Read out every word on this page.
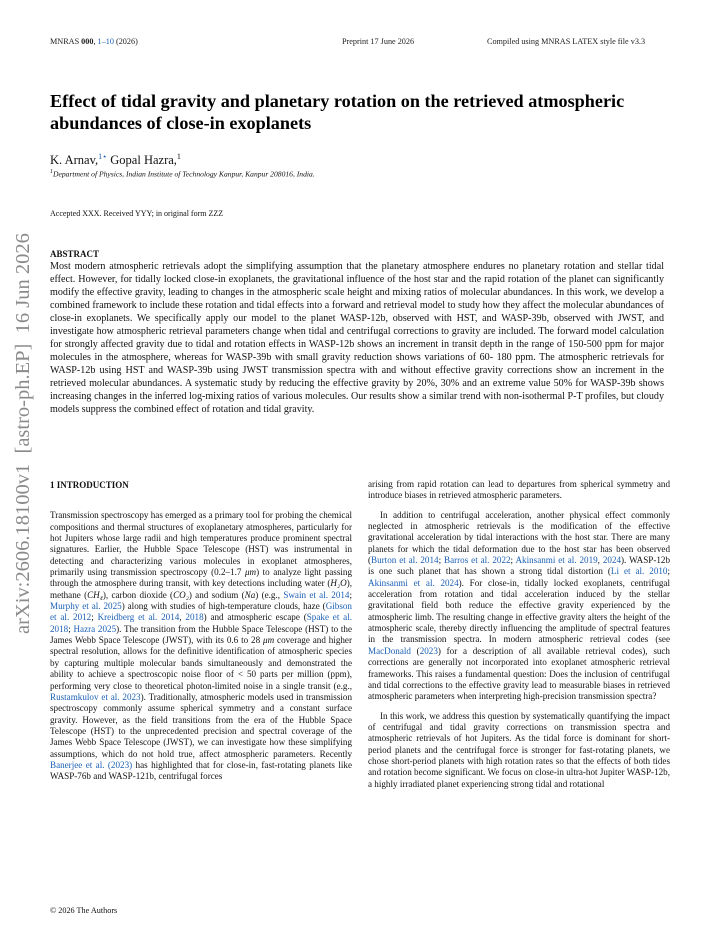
MNRAS 000, 1–10 (2026)	Preprint 17 June 2026	Compiled using MNRAS LATEX style file v3.3
arXiv:2606.18100v1  [astro-ph.EP]  16 Jun 2026
Effect of tidal gravity and planetary rotation on the retrieved atmospheric abundances of close-in exoplanets
K. Arnav,$^{1⋆}$ Gopal Hazra,$^1$
$^1$Department of Physics, Indian Institute of Technology Kanpur, Kanpur 208016, India.
Accepted XXX. Received YYY; in original form ZZZ
ABSTRACT
Most modern atmospheric retrievals adopt the simplifying assumption that the planetary atmosphere endures no planetary rotation and stellar tidal effect. However, for tidally locked close-in exoplanets, the gravitational influence of the host star and the rapid rotation of the planet can significantly modify the effective gravity, leading to changes in the atmospheric scale height and mixing ratios of molecular abundances. In this work, we develop a combined framework to include these rotation and tidal effects into a forward and retrieval model to study how they affect the molecular abundances of close-in exoplanets. We specifically apply our model to the planet WASP-12b, observed with HST, and WASP-39b, observed with JWST, and investigate how atmospheric retrieval parameters change when tidal and centrifugal corrections to gravity are included. The forward model calculation for strongly affected gravity due to tidal and rotation effects in WASP-12b shows an increment in transit depth in the range of 150-500 ppm for major molecules in the atmosphere, whereas for WASP-39b with small gravity reduction shows variations of 60- 180 ppm. The atmospheric retrievals for WASP-12b using HST and WASP-39b using JWST transmission spectra with and without effective gravity corrections show an increment in the retrieved molecular abundances. A systematic study by reducing the effective gravity by 20%, 30% and an extreme value 50% for WASP-39b shows increasing changes in the inferred log-mixing ratios of various molecules. Our results show a similar trend with non-isothermal P-T profiles, but cloudy models suppress the combined effect of rotation and tidal gravity.
1 INTRODUCTION

Transmission spectroscopy has emerged as a primary tool for probing the chemical compositions and thermal structures of exoplanetary atmospheres, particularly for hot Jupiters whose large radii and high temperatures produce prominent spectral signatures. Earlier, the Hubble Space Telescope (HST) was instrumental in detecting and characterizing various molecules in exoplanet atmospheres, primarily using transmission spectroscopy (0.2–1.7 μm) to analyze light passing through the atmosphere during transit, with key detections including water (H₂O), methane (CH₄), carbon dioxide (CO₂) and sodium (Na) (e.g., Swain et al. 2014; Murphy et al. 2025) along with studies of high-temperature clouds, haze (Gibson et al. 2012; Kreidberg et al. 2014, 2018) and atmospheric escape (Spake et al. 2018; Hazra 2025). The transition from the Hubble Space Telescope (HST) to the James Webb Space Telescope (JWST), with its 0.6 to 28 μm coverage and higher spectral resolution, allows for the definitive identification of atmospheric species by capturing multiple molecular bands simultaneously and demonstrated the ability to achieve a spectroscopic noise floor of < 50 parts per million (ppm), performing very close to theoretical photon-limited noise in a single transit (e.g., Rustamkulov et al. 2023). Traditionally, atmospheric models used in transmission spectroscopy commonly assume spherical symmetry and a constant surface gravity. However, as the field transitions from the era of the Hubble Space Telescope (HST) to the unprecedented precision and spectral coverage of the James Webb Space Telescope (JWST), we can investigate how these simplifying assumptions, which do not hold true, affect atmospheric parameters. Recently Banerjee et al. (2023) has highlighted that for close-in, fast-rotating planets like WASP-76b and WASP-121b, centrifugal forces

arising from rapid rotation can lead to departures from spherical symmetry and introduce biases in retrieved atmospheric parameters.

In addition to centrifugal acceleration, another physical effect commonly neglected in atmospheric retrievals is the modification of the effective gravitational acceleration by tidal interactions with the host star. There are many planets for which the tidal deformation due to the host star has been observed (Burton et al. 2014; Barros et al. 2022; Akinsanmi et al. 2019, 2024). WASP-12b is one such planet that has shown a strong tidal distortion (Li et al. 2010; Akinsanmi et al. 2024). For close-in, tidally locked exoplanets, centrifugal acceleration from rotation and tidal acceleration induced by the stellar gravitational field both reduce the effective gravity experienced by the atmospheric limb. The resulting change in effective gravity alters the height of the atmospheric scale, thereby directly influencing the amplitude of spectral features in the transmission spectra. In modern atmospheric retrieval codes (see MacDonald (2023) for a description of all available retrieval codes), such corrections are generally not incorporated into exoplanet atmospheric retrieval frameworks. This raises a fundamental question: Does the inclusion of centrifugal and tidal corrections to the effective gravity lead to measurable biases in retrieved atmospheric parameters when interpreting high-precision transmission spectra?

In this work, we address this question by systematically quantifying the impact of centrifugal and tidal gravity corrections on transmission spectra and atmospheric retrievals of hot Jupiters. As the tidal force is dominant for short-period planets and the centrifugal force is stronger for fast-rotating planets, we chose short-period planets with high rotation rates so that the effects of both tides and rotation become significant. We focus on close-in ultra-hot Jupiter WASP-12b, a highly irradiated planet experiencing strong tidal and rotational

© 2026 The Authors
